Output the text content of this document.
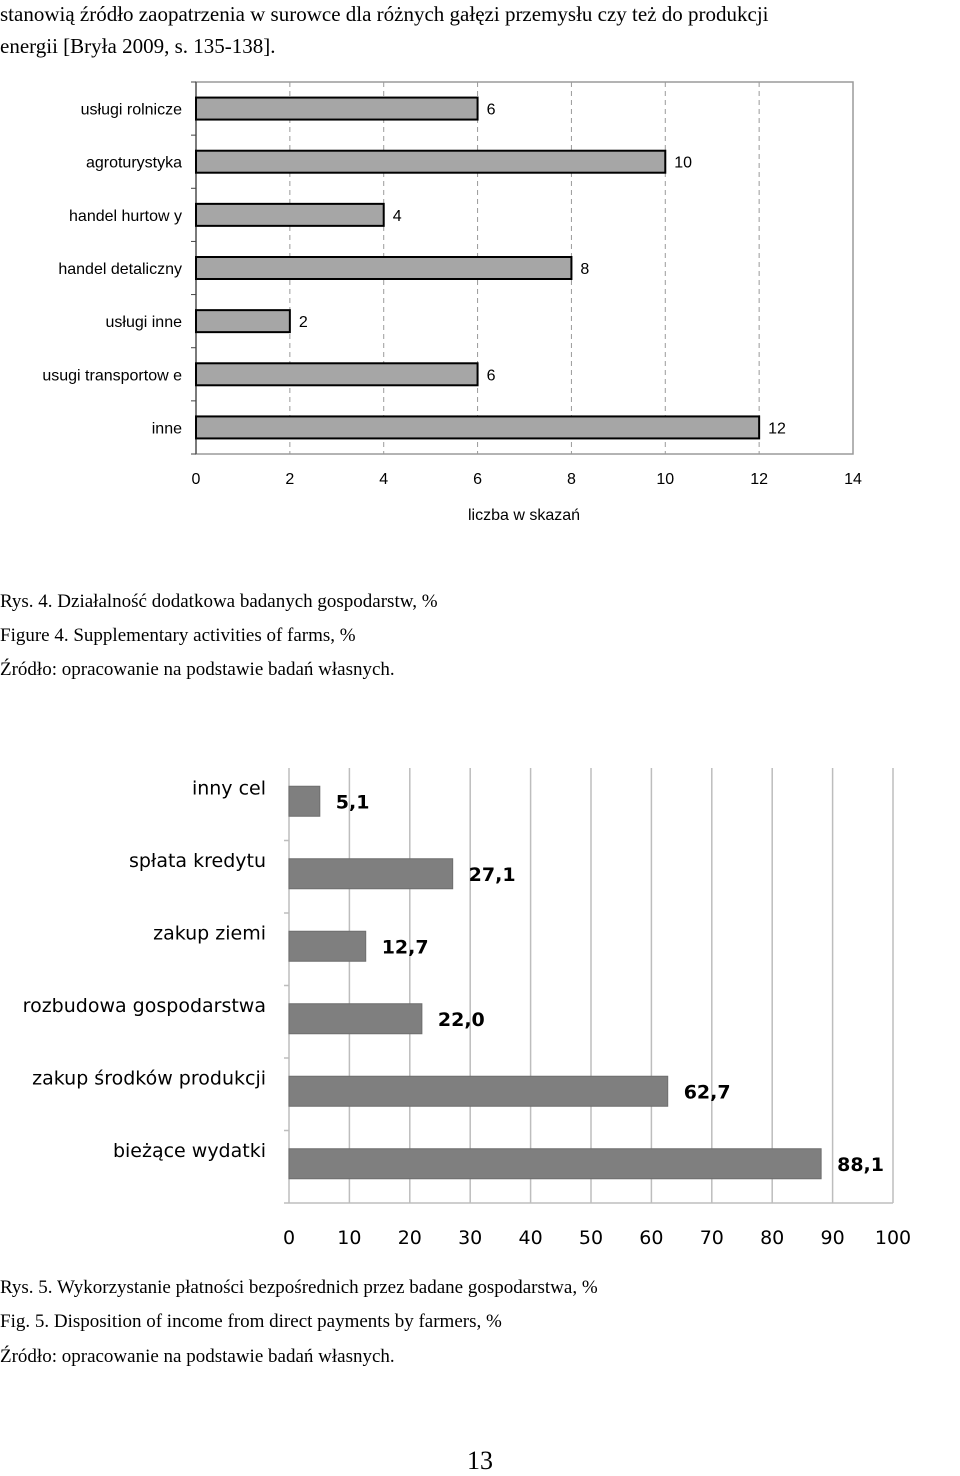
stanowią źródło zaopatrzenia w surowce dla różnych gałęzi przemysłu czy też do produkcji
energii [Bryła 2009, s. 135-138].
0	2	4	6	8	10	12	14
usługi rolnicze	6
agroturystyka	10
handel hurtow y	4
handel detaliczny	8
usługi inne	2
usugi transportow e	6
inne	12
liczba w skazań
Rys. 4. Działalność dodatkowa badanych gospodarstw, %
Figure 4. Supplementary activities of farms, %
Źródło: opracowanie na podstawie badań własnych.
0 10 20 30 40 50 60 70 80 90 100
inny cel
5,1
spłata kredytu
27,1
zakup ziemi
12,7
rozbudowa gospodarstwa
22,0
zakup środków produkcji
62,7
bieżące wydatki
88,1
Rys. 5. Wykorzystanie płatności bezpośrednich przez badane gospodarstwa, %
Fig. 5. Disposition of income from direct payments by farmers, %
Źródło: opracowanie na podstawie badań własnych.
13
